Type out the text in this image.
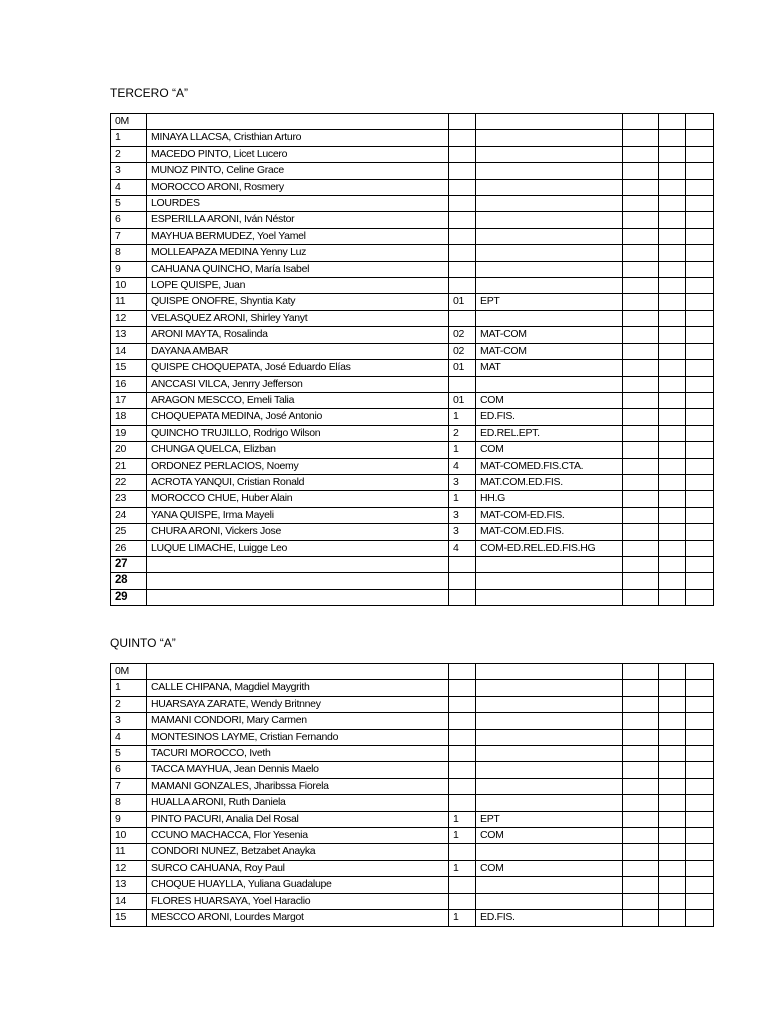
TERCERO “A”
0M						
1	MINAYA LLACSA, Cristhian Arturo					
2	MACEDO PINTO, Licet Lucero					
3	MUNOZ PINTO, Celine Grace					
4	MOROCCO ARONI, Rosmery					
5	LOURDES					
6	ESPERILLA ARONI, Iván Néstor					
7	MAYHUA BERMUDEZ, Yoel Yamel					
8	MOLLEAPAZA MEDINA Yenny Luz					
9	CAHUANA QUINCHO, María Isabel					
10	LOPE QUISPE, Juan					
11	QUISPE ONOFRE, Shyntia Katy	01	EPT			
12	VELASQUEZ ARONI, Shirley Yanyt					
13	ARONI MAYTA, Rosalinda	02	MAT-COM			
14	DAYANA AMBAR	02	MAT-COM			
15	QUISPE CHOQUEPATA, José Eduardo Elías	01	MAT			
16	ANCCASI VILCA, Jenrry Jefferson					
17	ARAGON MESCCO, Emeli Talia	01	COM			
18	CHOQUEPATA MEDINA, José Antonio	1	ED.FIS.			
19	QUINCHO TRUJILLO, Rodrigo Wilson	2	ED.REL.EPT.			
20	CHUNGA QUELCA, Elizban	1	COM			
21	ORDONEZ PERLACIOS, Noemy	4	MAT-COMED.FIS.CTA.			
22	ACROTA YANQUI, Cristian Ronald	3	MAT.COM.ED.FIS.			
23	MOROCCO CHUE, Huber Alain	1	HH.G			
24	YANA QUISPE, Irma Mayeli	3	MAT-COM-ED.FIS.			
25	CHURA ARONI, Vickers Jose	3	MAT-COM.ED.FIS.			
26	LUQUE LIMACHE, Luigge Leo	4	COM-ED.REL.ED.FIS.HG			
27						
28						
29						
QUINTO “A”
0M						
1	CALLE CHIPANA, Magdiel Maygrith					
2	HUARSAYA ZARATE, Wendy Britnney					
3	MAMANI CONDORI, Mary Carmen					
4	MONTESINOS LAYME, Cristian Fernando					
5	TACURI MOROCCO, Iveth					
6	TACCA MAYHUA, Jean Dennis Maelo					
7	MAMANI GONZALES, Jharibssa Fiorela					
8	HUALLA ARONI, Ruth Daniela					
9	PINTO PACURI, Analia Del Rosal	1	EPT			
10	CCUNO MACHACCA, Flor Yesenia	1	COM			
11	CONDORI NUNEZ, Betzabet Anayka					
12	SURCO CAHUANA, Roy Paul	1	COM			
13	CHOQUE HUAYLLA, Yuliana Guadalupe					
14	FLORES HUARSAYA, Yoel Haraclio					
15	MESCCO ARONI, Lourdes Margot	1	ED.FIS.			
